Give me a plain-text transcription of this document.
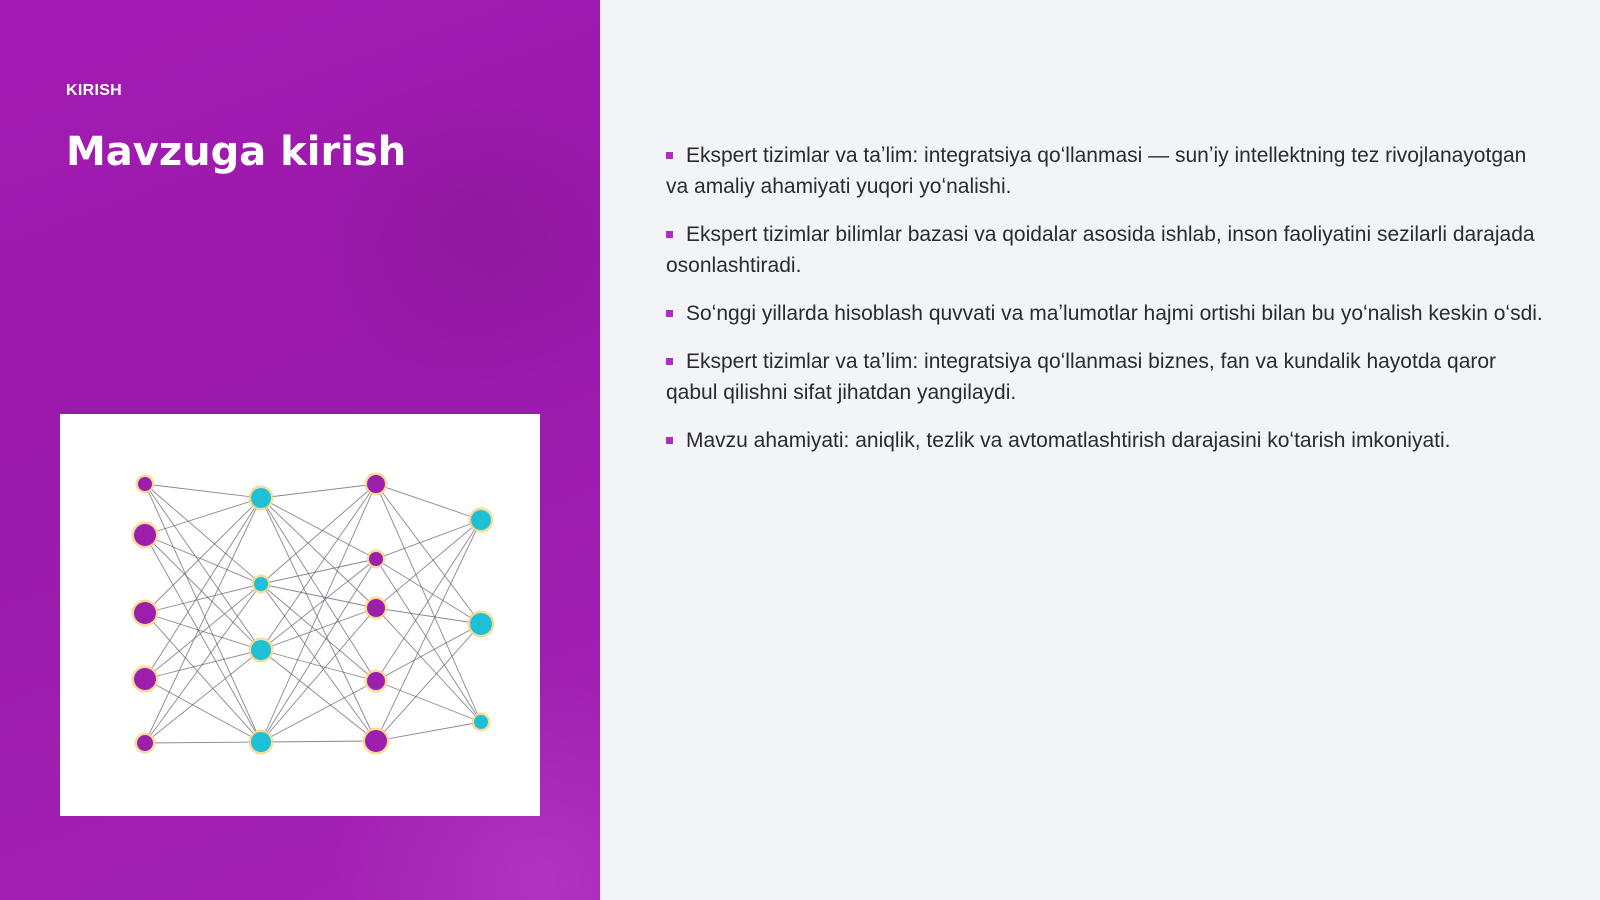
KIRISH

Mavzuga kirish	Ekspert tizimlar va taʼlim: integratsiya qoʻllanmasi — sunʼiy intellektning tez rivojlanayotgan va amaliy ahamiyati yuqori yoʻnalishi.
Ekspert tizimlar bilimlar bazasi va qoidalar asosida ishlab, inson faoliyatini sezilarli darajada osonlashtiradi.
Soʻnggi yillarda hisoblash quvvati va maʼlumotlar hajmi ortishi bilan bu yoʻnalish keskin oʻsdi.
Ekspert tizimlar va taʼlim: integratsiya qoʻllanmasi biznes, fan va kundalik hayotda qaror qabul qilishni sifat jihatdan yangilaydi.
Mavzu ahamiyati: aniqlik, tezlik va avtomatlashtirish darajasini koʻtarish imkoniyati.
